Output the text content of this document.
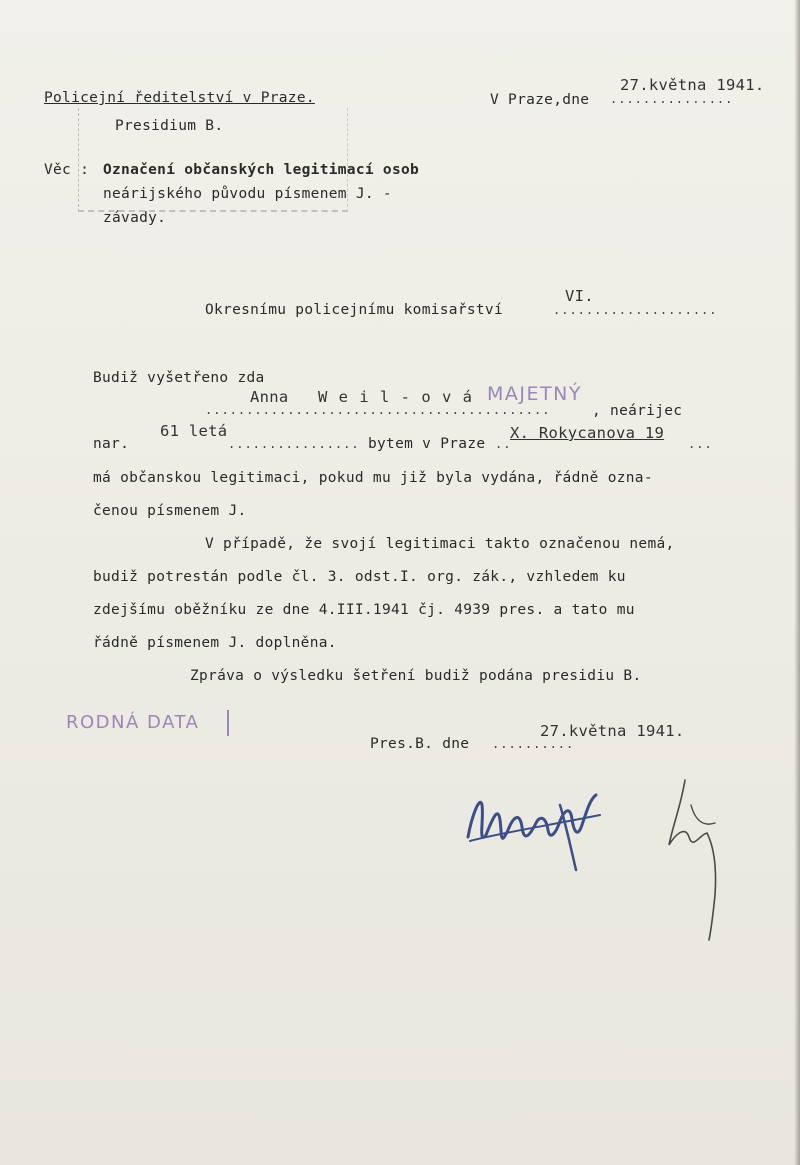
Policejní ředitelství v Praze.
Presidium B.
V Praze,dne
27.května 1941.
...............
Věc : Označení občanských legitimací osob
neárijského původu písmenem J. -
závady.
Okresnímu policejnímu komisařství
VI.
....................
Budiž vyšetřeno zda
Anna W e i l - o v á MAJETNÝ
..........................................	, neárijec
nar.
61 letá
................ bytem v Praze ..
X. Rokycanova 19
...
má občanskou legitimaci, pokud mu již byla vydána, řádně ozna-
čenou písmenem J.
V případě, že svojí legitimaci takto označenou nemá,
budiž potrestán podle čl. 3. odst.I. org. zák., vzhledem ku
zdejšímu oběžníku ze dne 4.III.1941 čj. 4939 pres. a tato mu
řádně písmenem J. doplněna.
Zpráva o výsledku šetření budiž podána presidiu B.
RODNÁ DATA
Pres.B. dne ..........
27.května 1941.
